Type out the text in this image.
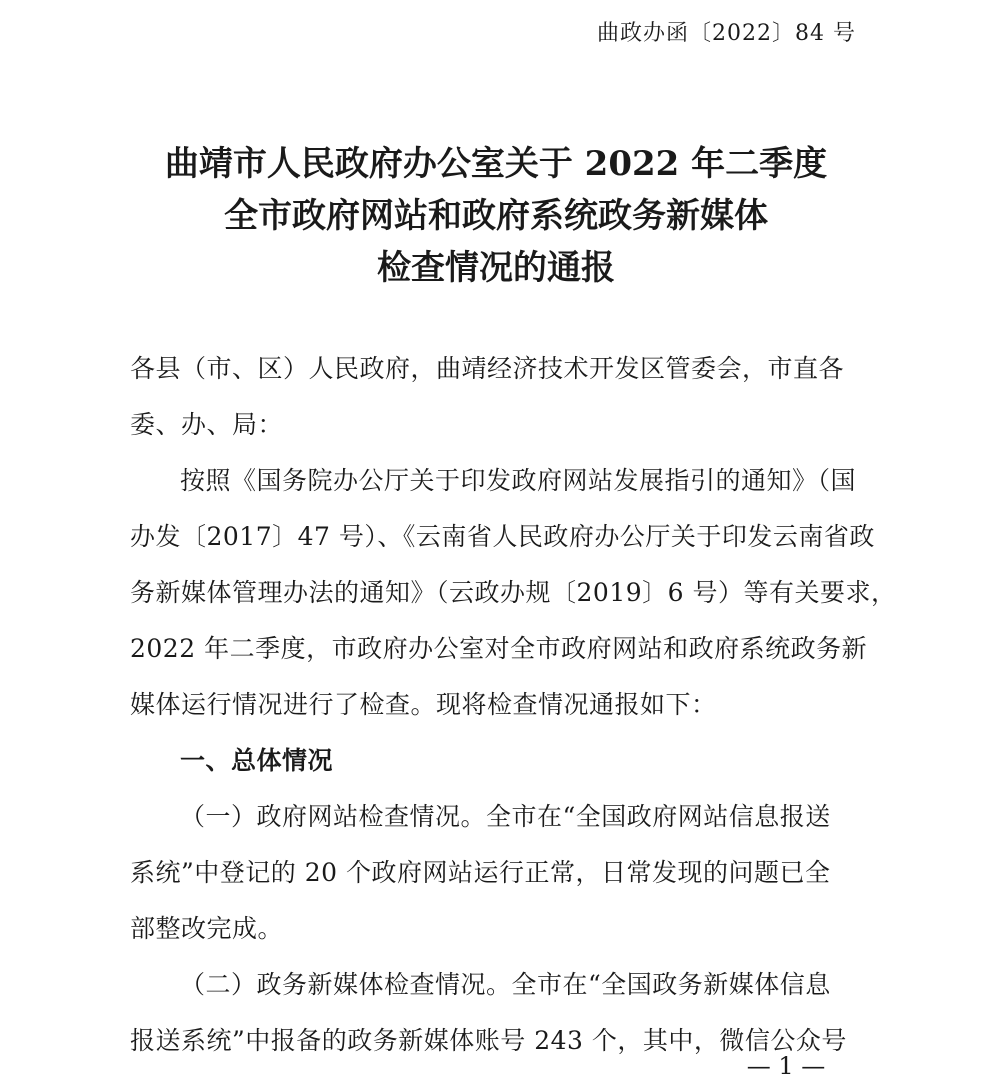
曲政办函〔2022〕84 号
曲靖市人民政府办公室关于 2022 年二季度
全市政府网站和政府系统政务新媒体
检查情况的通报
各县（市、区）人民政府，曲靖经济技术开发区管委会，市直各
委、办、局：
按照《国务院办公厅关于印发政府网站发展指引的通知》（国
办发〔2017〕47 号）、《云南省人民政府办公厅关于印发云南省政
务新媒体管理办法的通知》（云政办规〔2019〕6 号）等有关要求，
2022 年二季度，市政府办公室对全市政府网站和政府系统政务新
媒体运行情况进行了检查。现将检查情况通报如下：
一、总体情况
（一）政府网站检查情况。全市在“全国政府网站信息报送
系统”中登记的 20 个政府网站运行正常，日常发现的问题已全
部整改完成。
（二）政务新媒体检查情况。全市在“全国政务新媒体信息
报送系统”中报备的政务新媒体账号 243 个，其中，微信公众号
— 1 —
